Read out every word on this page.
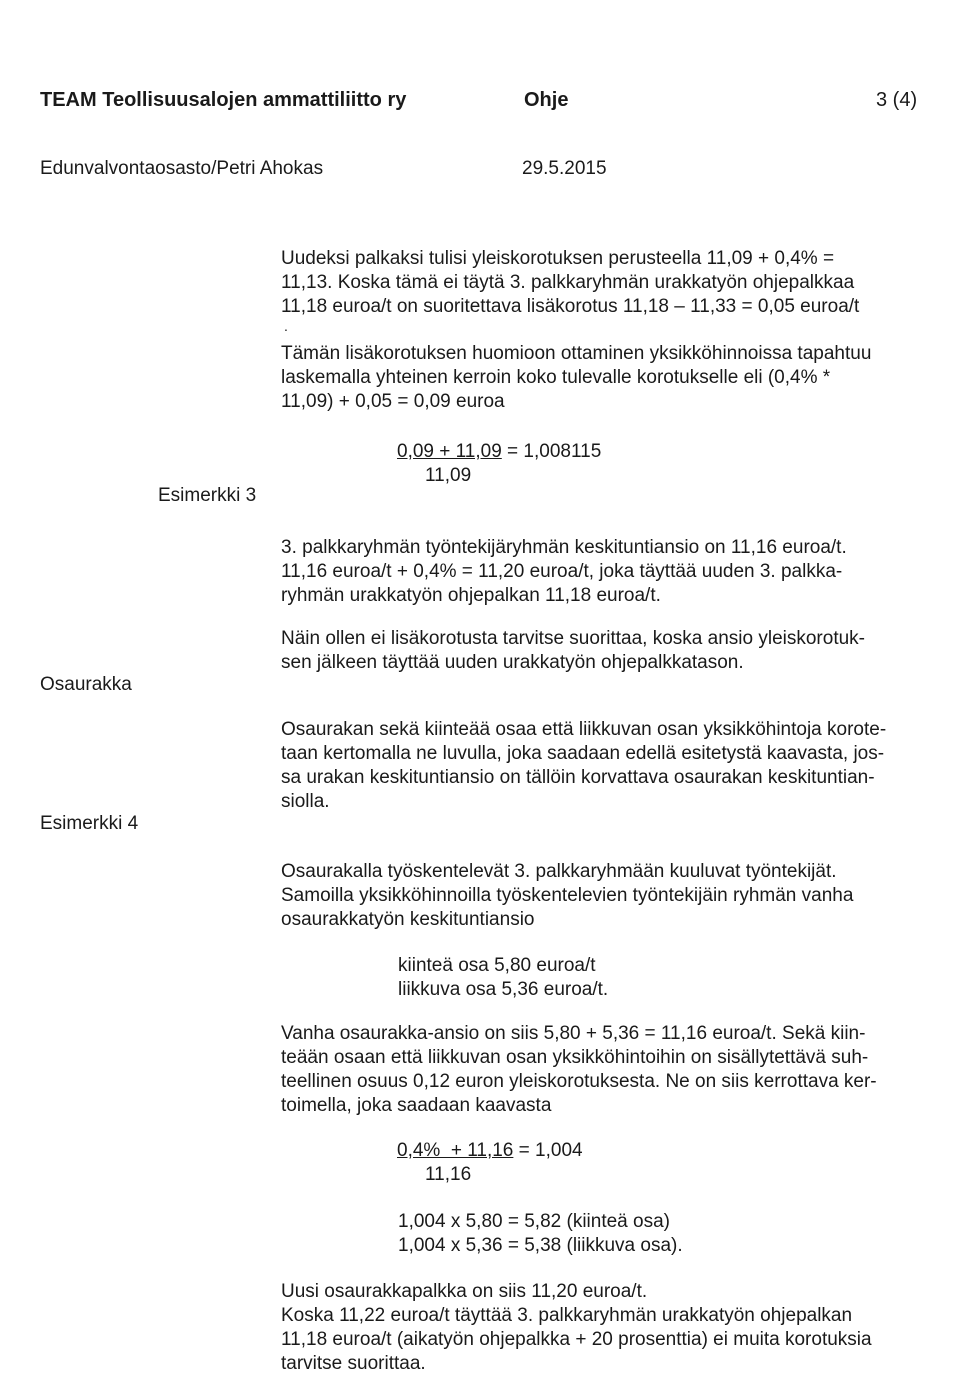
TEAM Teollisuusalojen ammattiliitto ry	Ohje	3 (4)
Edunvalvontaosasto/Petri Ahokas	29.5.2015
Esimerkki 3
Osaurakka
Esimerkki 4
Uudeksi palkaksi tulisi yleiskorotuksen perusteella 11,09 + 0,4% =
11,13. Koska tämä ei täytä 3. palkkaryhmän urakkatyön ohjepalkkaa
11,18 euroa/t on suoritettava lisäkorotus 11,18 – 11,33 = 0,05 euroa/t
.
Tämän lisäkorotuksen huomioon ottaminen yksikköhinnoissa tapahtuu
laskemalla yhteinen kerroin koko tulevalle korotukselle eli (0,4% *
11,09) + 0,05 = 0,09 euroa
0,09 + 11,09 = 1,008115
11,09
3. palkkaryhmän työntekijäryhmän keskituntiansio on 11,16 euroa/t.
11,16 euroa/t + 0,4% = 11,20 euroa/t, joka täyttää uuden 3. palkka-
ryhmän urakkatyön ohjepalkan 11,18 euroa/t.
Näin ollen ei lisäkorotusta tarvitse suorittaa, koska ansio yleiskorotuk-
sen jälkeen täyttää uuden urakkatyön ohjepalkkatason.
Osaurakan sekä kiinteää osaa että liikkuvan osan yksikköhintoja korote-
taan kertomalla ne luvulla, joka saadaan edellä esitetystä kaavasta, jos-
sa urakan keskituntiansio on tällöin korvattava osaurakan keskituntian-
siolla.
Osaurakalla työskentelevät 3. palkkaryhmään kuuluvat työntekijät.
Samoilla yksikköhinnoilla työskentelevien työntekijäin ryhmän vanha
osaurakkatyön keskituntiansio
kiinteä osa 5,80 euroa/t
liikkuva osa 5,36 euroa/t.
Vanha osaurakka-ansio on siis 5,80 + 5,36 = 11,16 euroa/t. Sekä kiin-
teään osaan että liikkuvan osan yksikköhintoihin on sisällytettävä suh-
teellinen osuus 0,12 euron yleiskorotuksesta. Ne on siis kerrottava ker-
toimella, joka saadaan kaavasta
0,4%  + 11,16 = 1,004
11,16
1,004 x 5,80 = 5,82 (kiinteä osa)
1,004 x 5,36 = 5,38 (liikkuva osa).
Uusi osaurakkapalkka on siis 11,20 euroa/t.
Koska 11,22 euroa/t täyttää 3. palkkaryhmän urakkatyön ohjepalkan
11,18 euroa/t (aikatyön ohjepalkka + 20 prosenttia) ei muita korotuksia
tarvitse suorittaa.
